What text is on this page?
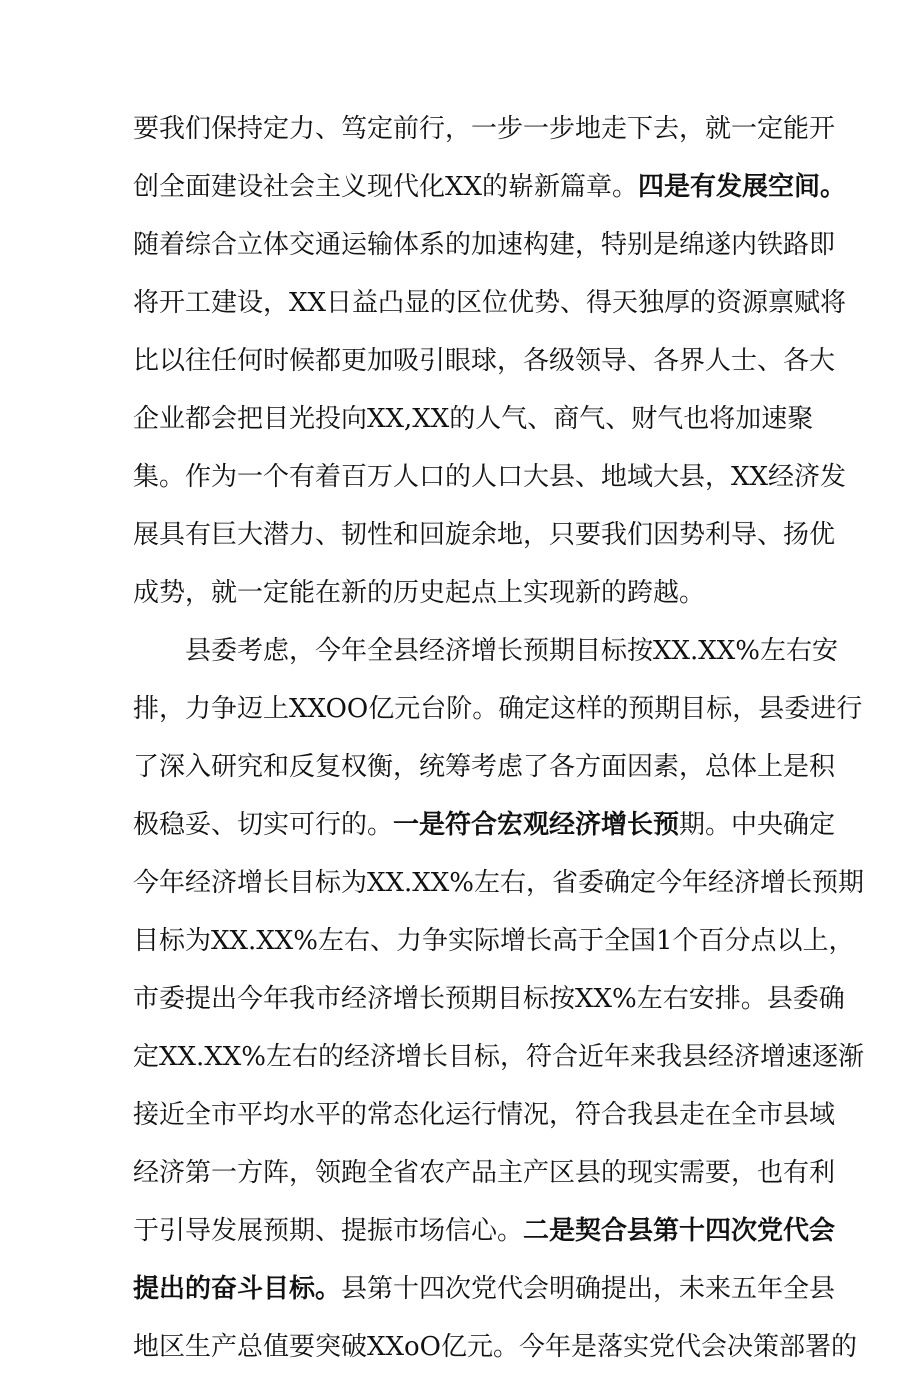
要我们保持定力、笃定前行，一步一步地走下去，就一定能开
创全面建设社会主义现代化XX的崭新篇章。四是有发展空间。
随着综合立体交通运输体系的加速构建，特别是绵遂内铁路即
将开工建设，XX日益凸显的区位优势、得天独厚的资源禀赋将
比以往任何时候都更加吸引眼球，各级领导、各界人士、各大
企业都会把目光投向XX,XX的人气、商气、财气也将加速聚
集。作为一个有着百万人口的人口大县、地域大县，XX经济发
展具有巨大潜力、韧性和回旋余地，只要我们因势利导、扬优
成势，就一定能在新的历史起点上实现新的跨越。
县委考虑，今年全县经济增长预期目标按XX.XX%左右安
排，力争迈上XXOO亿元台阶。确定这样的预期目标，县委进行
了深入研究和反复权衡，统筹考虑了各方面因素，总体上是积
极稳妥、切实可行的。一是符合宏观经济增长预期。中央确定
今年经济增长目标为XX.XX%左右，省委确定今年经济增长预期
目标为XX.XX%左右、力争实际增长高于全国1个百分点以上，
市委提出今年我市经济增长预期目标按XX%左右安排。县委确
定XX.XX%左右的经济增长目标，符合近年来我县经济增速逐渐
接近全市平均水平的常态化运行情况，符合我县走在全市县域
经济第一方阵，领跑全省农产品主产区县的现实需要，也有利
于引导发展预期、提振市场信心。二是契合县第十四次党代会
提出的奋斗目标。县第十四次党代会明确提出，未来五年全县
地区生产总值要突破XXoO亿元。今年是落实党代会决策部署的
